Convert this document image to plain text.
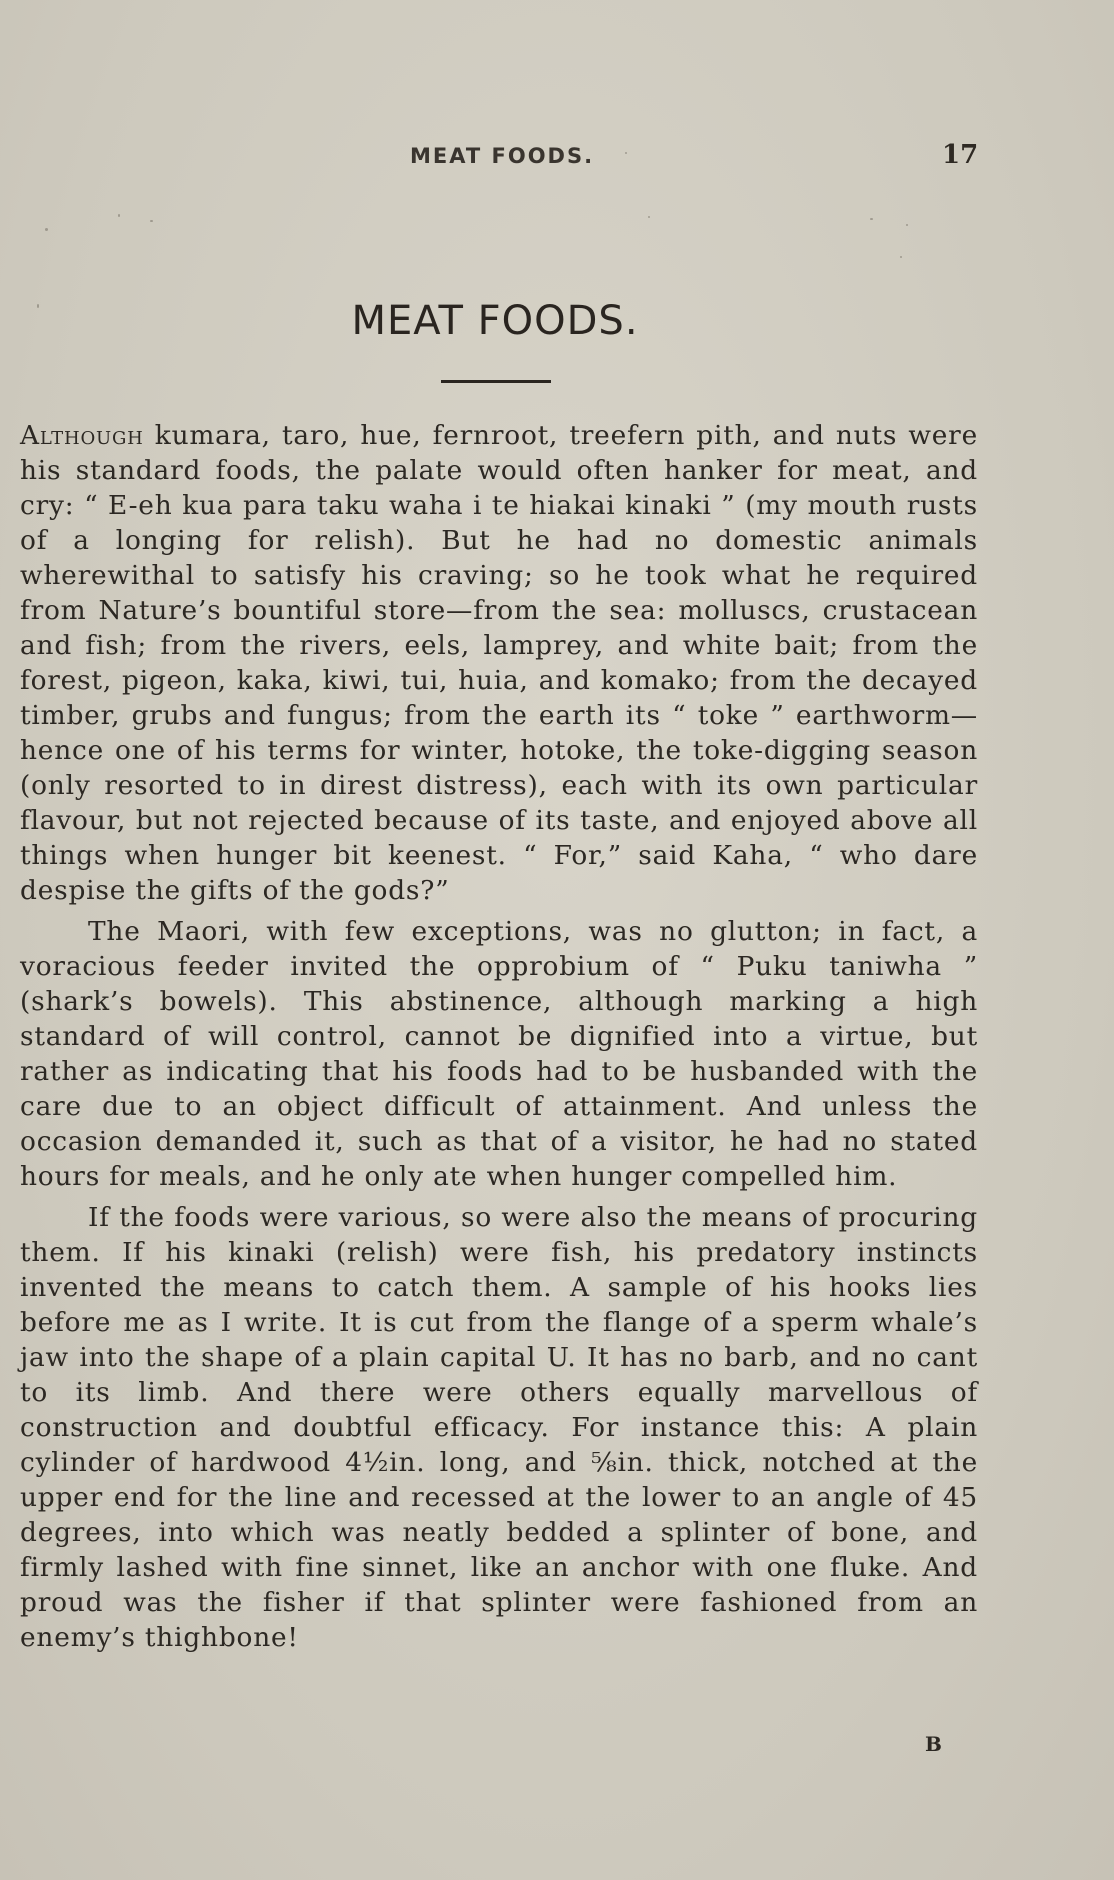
MEAT FOODS.	17
MEAT FOODS.

Although kumara, taro, hue, fernroot, treefern pith, and nuts were his standard foods, the palate would often hanker for meat, and cry: “ E-eh kua para taku waha i te hiakai kinaki ” (my mouth rusts of a longing for relish). But he had no domestic animals wherewithal to satisfy his craving; so he took what he required from Nature’s bountiful store—from the sea: molluscs, crustacean and fish; from the rivers, eels, lamprey, and white bait; from the forest, pigeon, kaka, kiwi, tui, huia, and komako; from the decayed timber, grubs and fungus; from the earth its “ toke ” earthworm—hence one of his terms for winter, hotoke, the toke-digging season (only resorted to in direst distress), each with its own particular flavour, but not rejected because of its taste, and enjoyed above all things when hunger bit keenest. “ For,” said Kaha, “ who dare despise the gifts of the gods?”

The Maori, with few exceptions, was no glutton; in fact, a voracious feeder invited the opprobium of “ Puku taniwha ” (shark’s bowels). This abstinence, although marking a high standard of will control, cannot be dignified into a virtue, but rather as indicating that his foods had to be husbanded with the care due to an object difficult of attainment. And unless the occasion demanded it, such as that of a visitor, he had no stated hours for meals, and he only ate when hunger compelled him.

If the foods were various, so were also the means of procuring them. If his kinaki (relish) were fish, his predatory instincts invented the means to catch them. A sample of his hooks lies before me as I write. It is cut from the flange of a sperm whale’s jaw into the shape of a plain capital U. It has no barb, and no cant to its limb. And there were others equally marvellous of construction and doubtful efficacy. For instance this: A plain cylinder of hardwood 4½in. long, and ⅝in. thick, notched at the upper end for the line and recessed at the lower to an angle of 45 degrees, into which was neatly bedded a splinter of bone, and firmly lashed with fine sinnet, like an anchor with one fluke. And proud was the fisher if that splinter were fashioned from an enemy’s thighbone!

B
